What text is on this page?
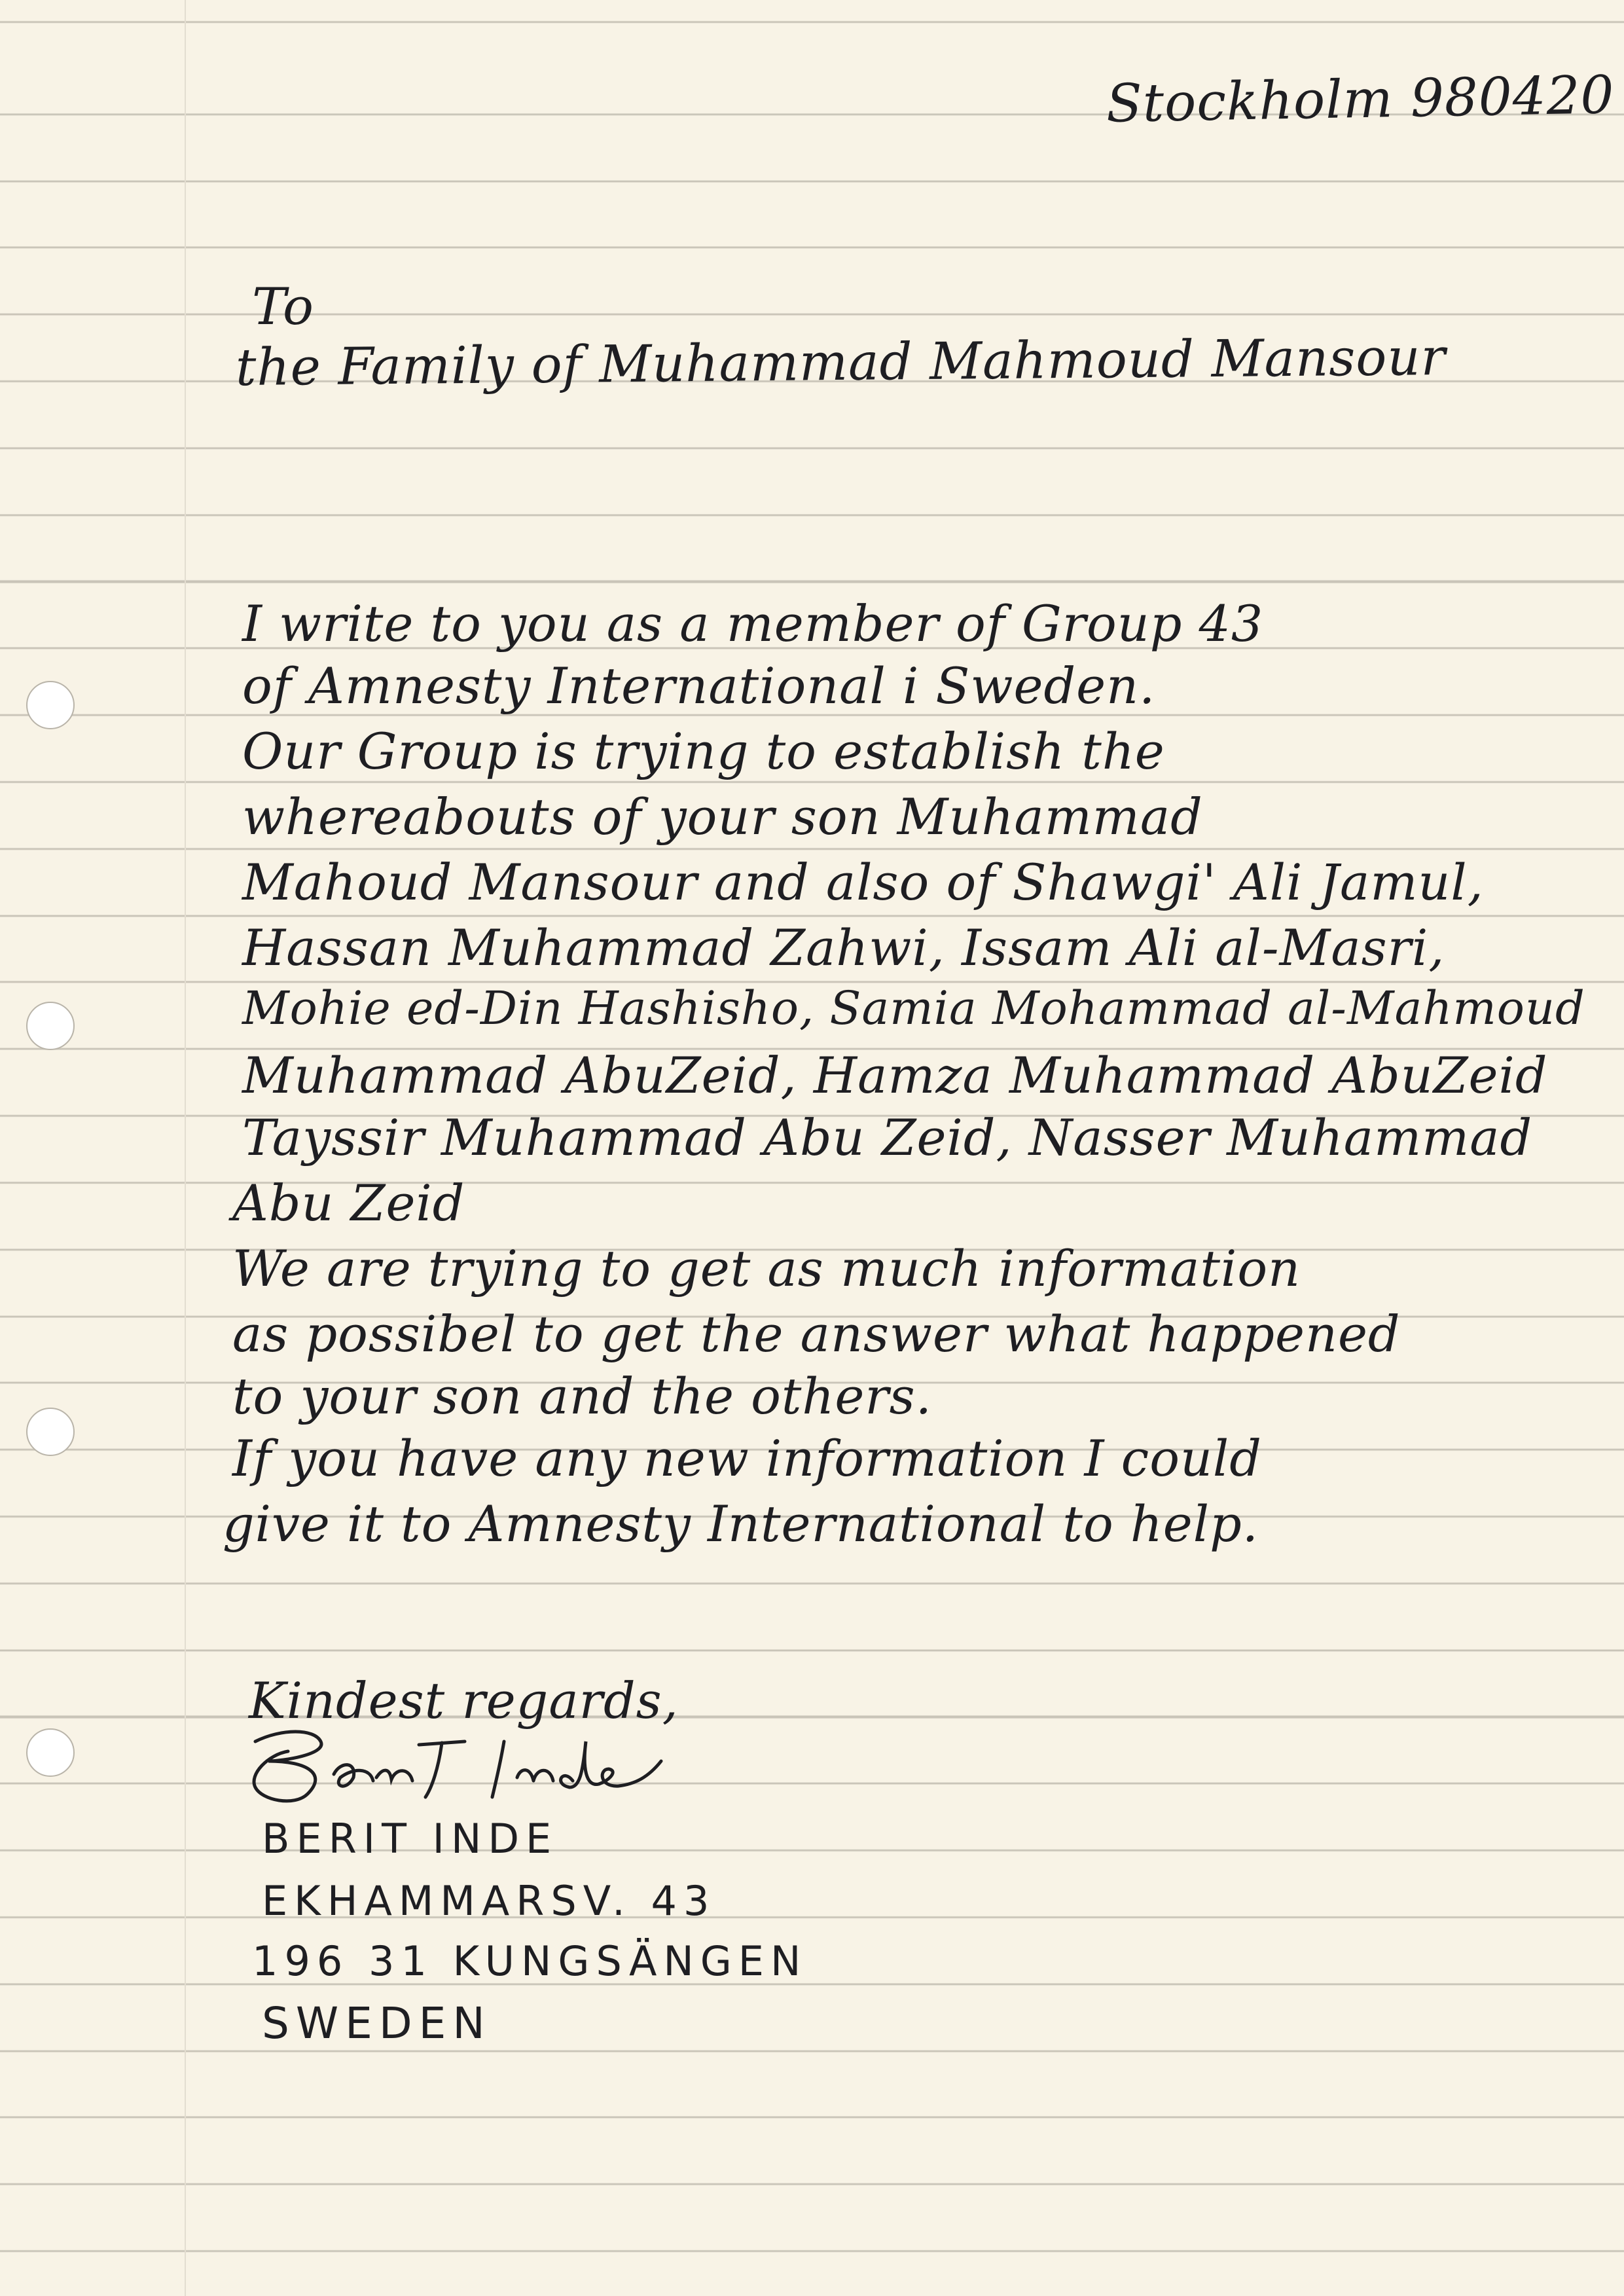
Stockholm 980420
To
the Family of Muhammad Mahmoud Mansour
I write to you as a member of Group 43
of Amnesty International i Sweden.
Our Group is trying to establish the
whereabouts of your son Muhammad
Mahoud Mansour and also of Shawgi' Ali Jamul,
Hassan Muhammad Zahwi, Issam Ali al-Masri,
Mohie ed-Din Hashisho, Samia Mohammad al-Mahmoud
Muhammad AbuZeid, Hamza Muhammad AbuZeid
Tayssir Muhammad Abu Zeid, Nasser Muhammad
Abu Zeid
We are trying to get as much information
as possibel to get the answer what happened
to your son and the others.
If you have any new information I could
give it to Amnesty International to help.
Kindest regards,
BERIT INDE
EKHAMMARSV. 43
196 31 KUNGSÄNGEN
SWEDEN
